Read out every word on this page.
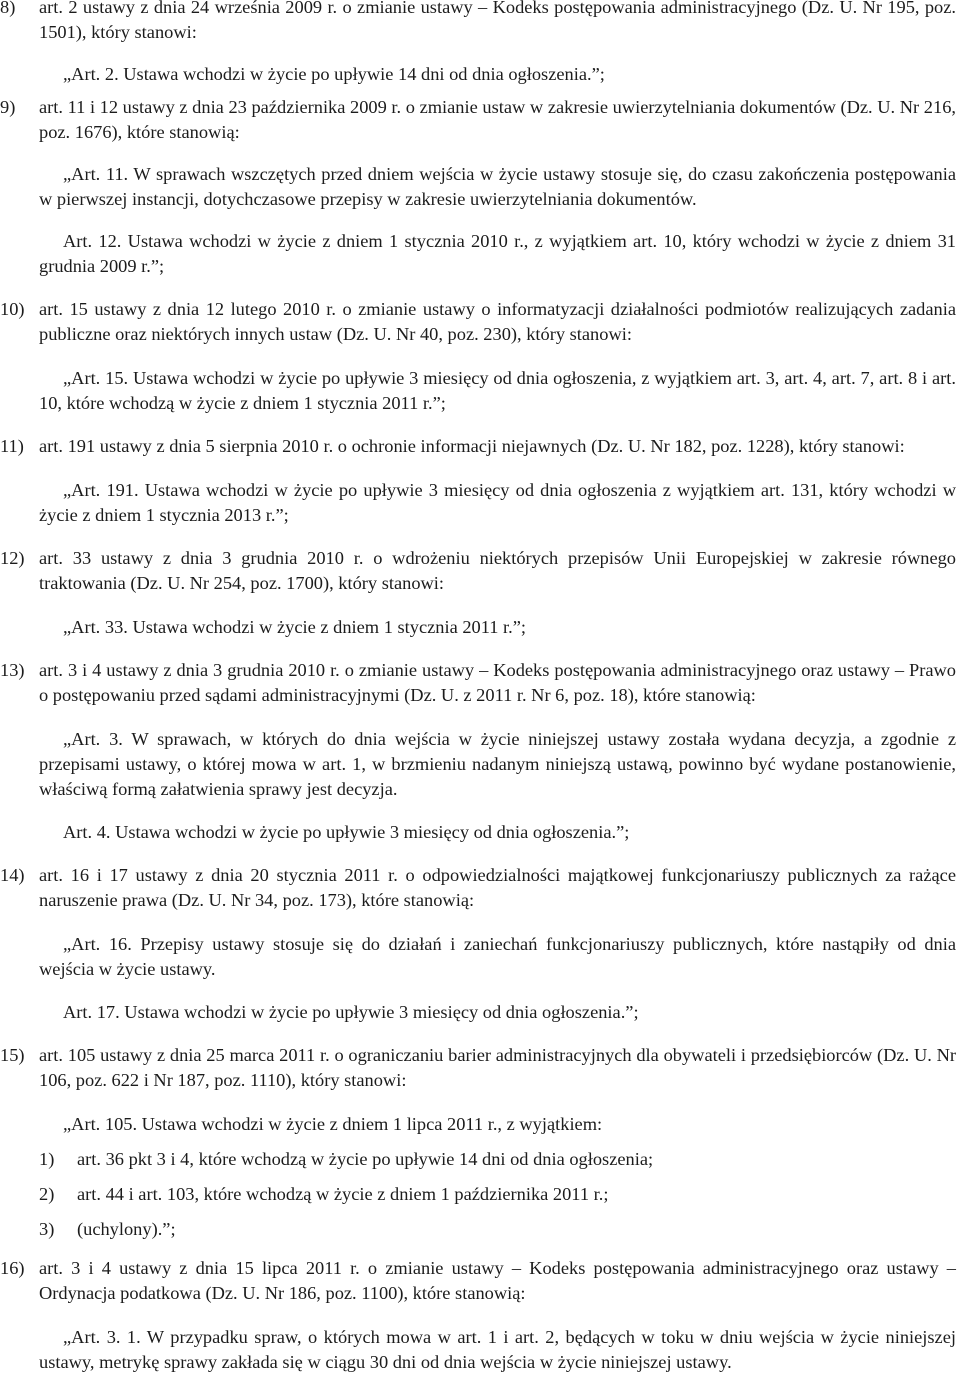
8) art. 2 ustawy z dnia 24 września 2009 r. o zmianie ustawy – Kodeks postępowania administracyjnego (Dz. U. Nr 195, poz. 1501), który stanowi:

„Art. 2. Ustawa wchodzi w życie po upływie 14 dni od dnia ogłoszenia.”;

9) art. 11 i 12 ustawy z dnia 23 października 2009 r. o zmianie ustaw w zakresie uwierzytelniania dokumentów (Dz. U. Nr 216, poz. 1676), które stanowią:

„Art. 11. W sprawach wszczętych przed dniem wejścia w życie ustawy stosuje się, do czasu zakończenia postępowania w pierwszej instancji, dotychczasowe przepisy w zakresie uwierzytelniania dokumentów.

Art. 12. Ustawa wchodzi w życie z dniem 1 stycznia 2010 r., z wyjątkiem art. 10, który wchodzi w życie z dniem 31 grudnia 2009 r.”;

10) art. 15 ustawy z dnia 12 lutego 2010 r. o zmianie ustawy o informatyzacji działalności podmiotów realizujących zadania publiczne oraz niektórych innych ustaw (Dz. U. Nr 40, poz. 230), który stanowi:

„Art. 15. Ustawa wchodzi w życie po upływie 3 miesięcy od dnia ogłoszenia, z wyjątkiem art. 3, art. 4, art. 7, art. 8 i art. 10, które wchodzą w życie z dniem 1 stycznia 2011 r.”;

11) art. 191 ustawy z dnia 5 sierpnia 2010 r. o ochronie informacji niejawnych (Dz. U. Nr 182, poz. 1228), który stanowi:

„Art. 191. Ustawa wchodzi w życie po upływie 3 miesięcy od dnia ogłoszenia z wyjątkiem art. 131, który wchodzi w życie z dniem 1 stycznia 2013 r.”;

12) art. 33 ustawy z dnia 3 grudnia 2010 r. o wdrożeniu niektórych przepisów Unii Europejskiej w zakresie równego traktowania (Dz. U. Nr 254, poz. 1700), który stanowi:

„Art. 33. Ustawa wchodzi w życie z dniem 1 stycznia 2011 r.”;

13) art. 3 i 4 ustawy z dnia 3 grudnia 2010 r. o zmianie ustawy – Kodeks postępowania administracyjnego oraz ustawy – Prawo o postępowaniu przed sądami administracyjnymi (Dz. U. z 2011 r. Nr 6, poz. 18), które stanowią:

„Art. 3. W sprawach, w których do dnia wejścia w życie niniejszej ustawy została wydana decyzja, a zgodnie z przepisami ustawy, o której mowa w art. 1, w brzmieniu nadanym niniejszą ustawą, powinno być wydane postanowienie, właściwą formą załatwienia sprawy jest decyzja.

Art. 4. Ustawa wchodzi w życie po upływie 3 miesięcy od dnia ogłoszenia.”;

14) art. 16 i 17 ustawy z dnia 20 stycznia 2011 r. o odpowiedzialności majątkowej funkcjonariuszy publicznych za rażące naruszenie prawa (Dz. U. Nr 34, poz. 173), które stanowią:

„Art. 16. Przepisy ustawy stosuje się do działań i zaniechań funkcjonariuszy publicznych, które nastąpiły od dnia wejścia w życie ustawy.

Art. 17. Ustawa wchodzi w życie po upływie 3 miesięcy od dnia ogłoszenia.”;

15) art. 105 ustawy z dnia 25 marca 2011 r. o ograniczaniu barier administracyjnych dla obywateli i przedsiębiorców (Dz. U. Nr 106, poz. 622 i Nr 187, poz. 1110), który stanowi:

„Art. 105. Ustawa wchodzi w życie z dniem 1 lipca 2011 r., z wyjątkiem:

1) art. 36 pkt 3 i 4, które wchodzą w życie po upływie 14 dni od dnia ogłoszenia;

2) art. 44 i art. 103, które wchodzą w życie z dniem 1 października 2011 r.;

3) (uchylony).”;

16) art. 3 i 4 ustawy z dnia 15 lipca 2011 r. o zmianie ustawy – Kodeks postępowania administracyjnego oraz ustawy – Ordynacja podatkowa (Dz. U. Nr 186, poz. 1100), które stanowią:

„Art. 3. 1. W przypadku spraw, o których mowa w art. 1 i art. 2, będących w toku w dniu wejścia w życie niniejszej ustawy, metrykę sprawy zakłada się w ciągu 30 dni od dnia wejścia w życie niniejszej ustawy.
